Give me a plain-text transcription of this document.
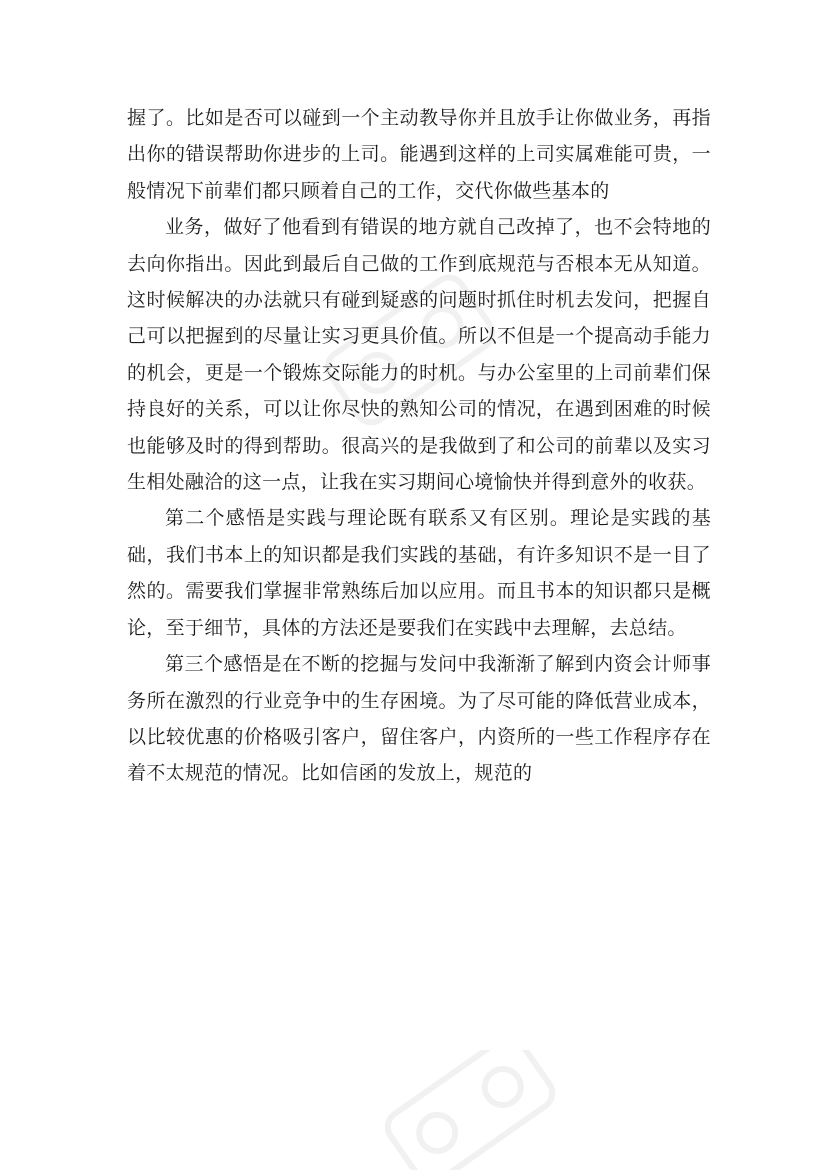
握了。比如是否可以碰到一个主动教导你并且放手让你做业务，再指出你的错误帮助你进步的上司。能遇到这样的上司实属难能可贵，一般情况下前辈们都只顾着自己的工作，交代你做些基本的

业务，做好了他看到有错误的地方就自己改掉了，也不会特地的去向你指出。因此到最后自己做的工作到底规范与否根本无从知道。这时候解决的办法就只有碰到疑惑的问题时抓住时机去发问，把握自己可以把握到的尽量让实习更具价值。所以不但是一个提高动手能力的机会，更是一个锻炼交际能力的时机。与办公室里的上司前辈们保持良好的关系，可以让你尽快的熟知公司的情况，在遇到困难的时候也能够及时的得到帮助。很高兴的是我做到了和公司的前辈以及实习生相处融洽的这一点，让我在实习期间心境愉快并得到意外的收获。

第二个感悟是实践与理论既有联系又有区别。理论是实践的基础，我们书本上的知识都是我们实践的基础，有许多知识不是一目了然的。需要我们掌握非常熟练后加以应用。而且书本的知识都只是概论，至于细节，具体的方法还是要我们在实践中去理解，去总结。

第三个感悟是在不断的挖掘与发问中我渐渐了解到内资会计师事务所在激烈的行业竞争中的生存困境。为了尽可能的降低营业成本，以比较优惠的价格吸引客户，留住客户，内资所的一些工作程序存在着不太规范的情况。比如信函的发放上，规范的
